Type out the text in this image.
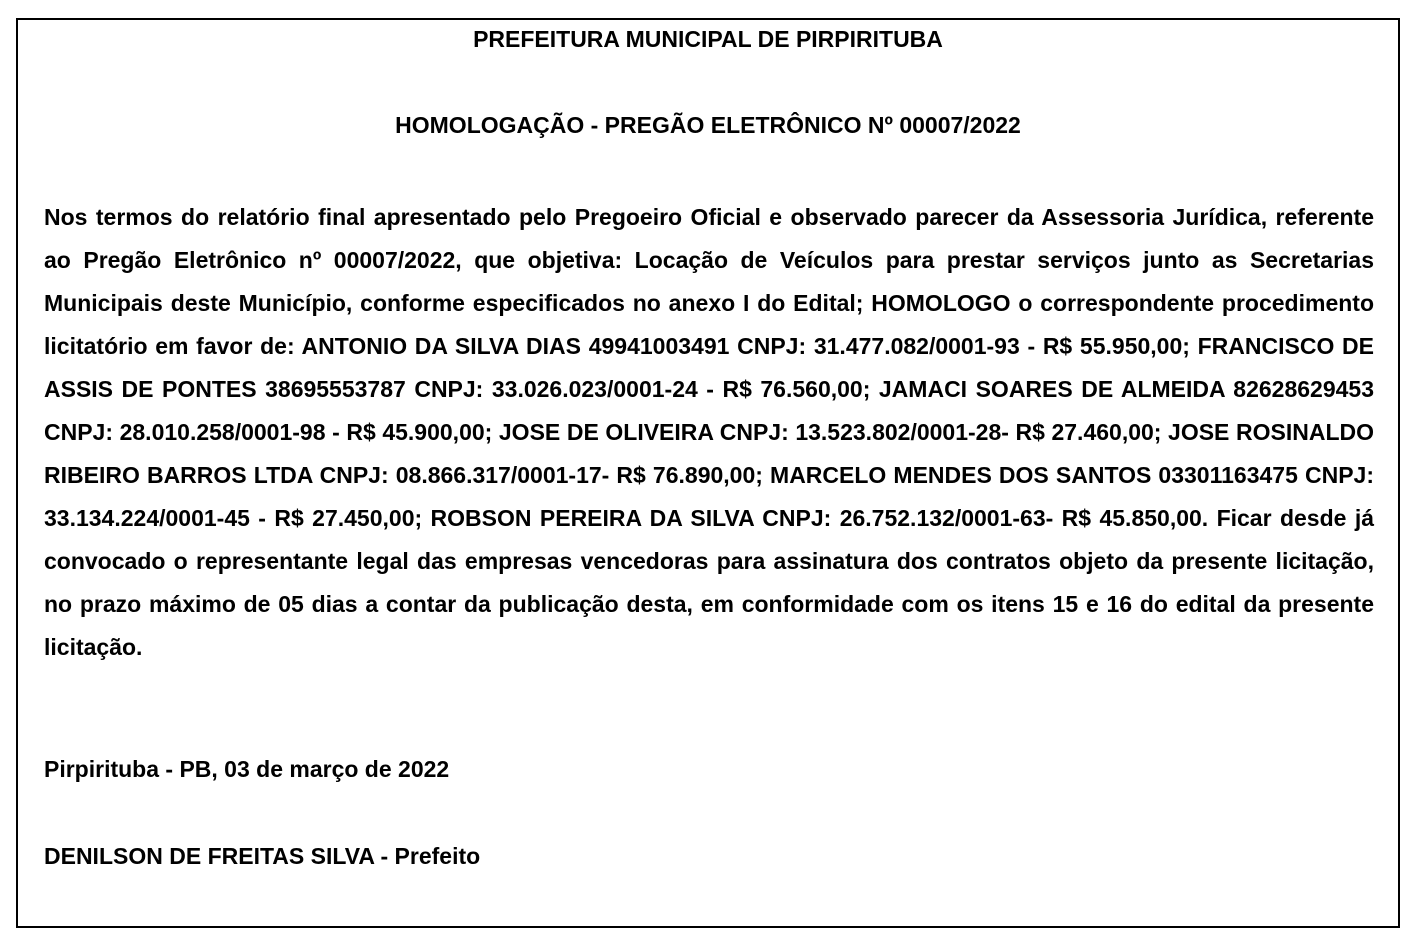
PREFEITURA MUNICIPAL DE PIRPIRITUBA

HOMOLOGAÇÃO - PREGÃO ELETRÔNICO Nº 00007/2022

Nos termos do relatório final apresentado pelo Pregoeiro Oficial e observado parecer da Assessoria Jurídica, referente ao Pregão Eletrônico nº 00007/2022, que objetiva: Locação de Veículos para prestar serviços junto as Secretarias Municipais deste Município, conforme especificados no anexo I do Edital; HOMOLOGO o correspondente procedimento licitatório em favor de: ANTONIO DA SILVA DIAS 49941003491 CNPJ: 31.477.082/0001-93 - R$ 55.950,00; FRANCISCO DE ASSIS DE PONTES 38695553787 CNPJ: 33.026.023/0001-24 - R$ 76.560,00; JAMACI SOARES DE ALMEIDA 82628629453 CNPJ: 28.010.258/0001-98 - R$ 45.900,00; JOSE DE OLIVEIRA CNPJ: 13.523.802/0001-28- R$ 27.460,00; JOSE ROSINALDO RIBEIRO BARROS LTDA CNPJ: 08.866.317/0001-17- R$ 76.890,00; MARCELO MENDES DOS SANTOS 03301163475 CNPJ: 33.134.224/0001-45 - R$ 27.450,00; ROBSON PEREIRA DA SILVA CNPJ: 26.752.132/0001-63- R$ 45.850,00. Ficar desde já convocado o representante legal das empresas vencedoras para assinatura dos contratos objeto da presente licitação, no prazo máximo de 05 dias a contar da publicação desta, em conformidade com os itens 15 e 16 do edital da presente licitação.

Pirpirituba - PB, 03 de março de 2022

DENILSON DE FREITAS SILVA - Prefeito
